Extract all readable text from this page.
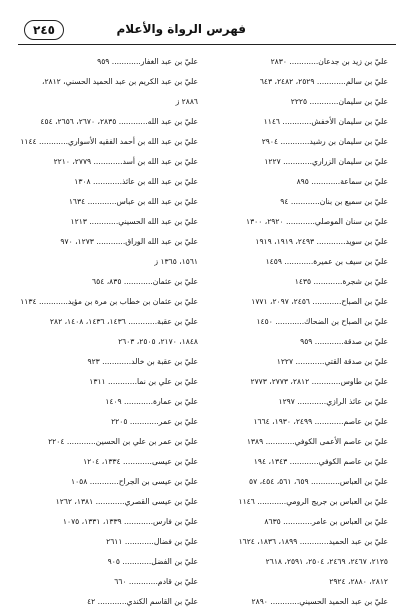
فهرس الرواة والأعلام
٢٤٥
عليّ بن زيد بن جدعان............ ٢٨٣٠
عليّ بن سالم............ ٢٥٢٩، ٢٤٨٢، ٦٤٣
عليّ بن سليمان............ ٢٢٢٥
عليّ بن سليمان الأخفش............ ١١٤٦
عليّ بن سليمان بن رشيد............ ٢٩٠٤
عليّ بن سليمان الزراري............ ١٢٢٧
عليّ بن سماعة............ ٨٩٥
عليّ بن سميع بن بنان............ ٩٤
عليّ بن سنان الموصلي............ ٢٩٢٠، ١٣٠٠
عليّ بن سويد............ ٢٤٩٣، ١٩١٩، ١٩١٩
عليّ بن سيف بن عميرة............ ١٤٥٩
عليّ بن شجرة............ ١٤٣٥
عليّ بن الصباح............ ٢٤٥٦، ٢٠٩٧، ١٧٧١
عليّ بن الصباح بن الضحاك............ ١٤٥٠
عليّ بن صدقة............ ٩٥٩
عليّ بن صدقة القتي............ ١٢٢٧
عليّ بن طاوس............ ٢٨١٢، ٢٧٧٣، ٢٧٧٣
عليّ بن عائذ الرازي............ ١٢٩٧
عليّ بن عاصم............ ٢٤٩٩، ١٩٣٠، ١٦٦٤
عليّ بن عاصم الأعمى الكوفي............ ١٣٨٩
عليّ بن عاصم الكوفي............ ١٣٤٣، ١٩٤
عليّ بن العباس............ ٦٥٩، ٥٦١، ٤٥٤، ٥٧
عليّ بن العباس بن جريج الرومي............ ١١٤٦
عليّ بن العباس بن عامر............ ٨٦٣٥
عليّ بن عبد الحميد............ ١٨٩٩، ١٨٣٦، ١٦٢٤
٢١٢٥، ٢٤٦٧، ٢٤٦٩، ٢٥٠٤، ٢٥٩١، ٢٦١٨
٢٨١٢، ٢٨٨٠، ٢٩٢٤
عليّ بن عبد الحميد الحسيني............ ٢٨٩٠
عليّ بن عبد الغفار............ ٩٥٩
عليّ بن عبد الكريم بن عبد الحميد الحسني، ٢٨١٢،
٢٨٨٦ ز
عليّ بن عبد الله............ ٢٨٣٥، ٢٦٧٠، ٢٦٥٦، ٤٥٤
عليّ بن عبد الله بن أحمد الفقيه الأسواري............ ١١٤٤
عليّ بن عبد الله بن أسد............ ٢٧٧٩، ٢٢١٠
عليّ بن عبد الله بن عائذ............ ١٣٠٨
عليّ بن عبد الله بن عباس............ ١٦٣٤
عليّ بن عبد الله الحسيني............ ١٢١٣
عليّ بن عبد الله الوراق............ ١٢٧٣، ٩٧٠
١٥٦١، ١٣٦٥ ز
عليّ بن عثمان............ ٨٣٥، ٦٥٤
عليّ بن عثمان بن خطاب بن مرة بن مؤيد............ ١١٣٤
عليّ بن عقبة............ ١٤٣٦، ١٤٣٦، ١٤٠٨، ٢٨٢
١٨٤٨، ٢١٧٠، ٢٥٠٥، ٢٦٠٣
عليّ بن عقبة بن خالد............ ٩٢٣
عليّ بن علي بن نما............ ١٣١١
عليّ بن عمارة............ ١٤٠٩
عليّ بن عمر............ ٢٢٠٥
عليّ بن عمر بن علي بن الحسين............ ٢٢٠٤
عليّ بن عيسى............ ١٣٣٤، ١٢٠٤
عليّ بن عيسى بن الجراح............ ١٠٥٨
عليّ بن عيسى القصري............ ١٣٨١، ١٢٦٢
عليّ بن فارس............ ١٣٣٩، ١٣٣١، ١٠٧٥
عليّ بن فضال............ ٢٦١١
عليّ بن الفضل............ ٩٠٥
عليّ بن قادم............ ٦٦٠
عليّ بن القاسم الكندي............ ٤٢
